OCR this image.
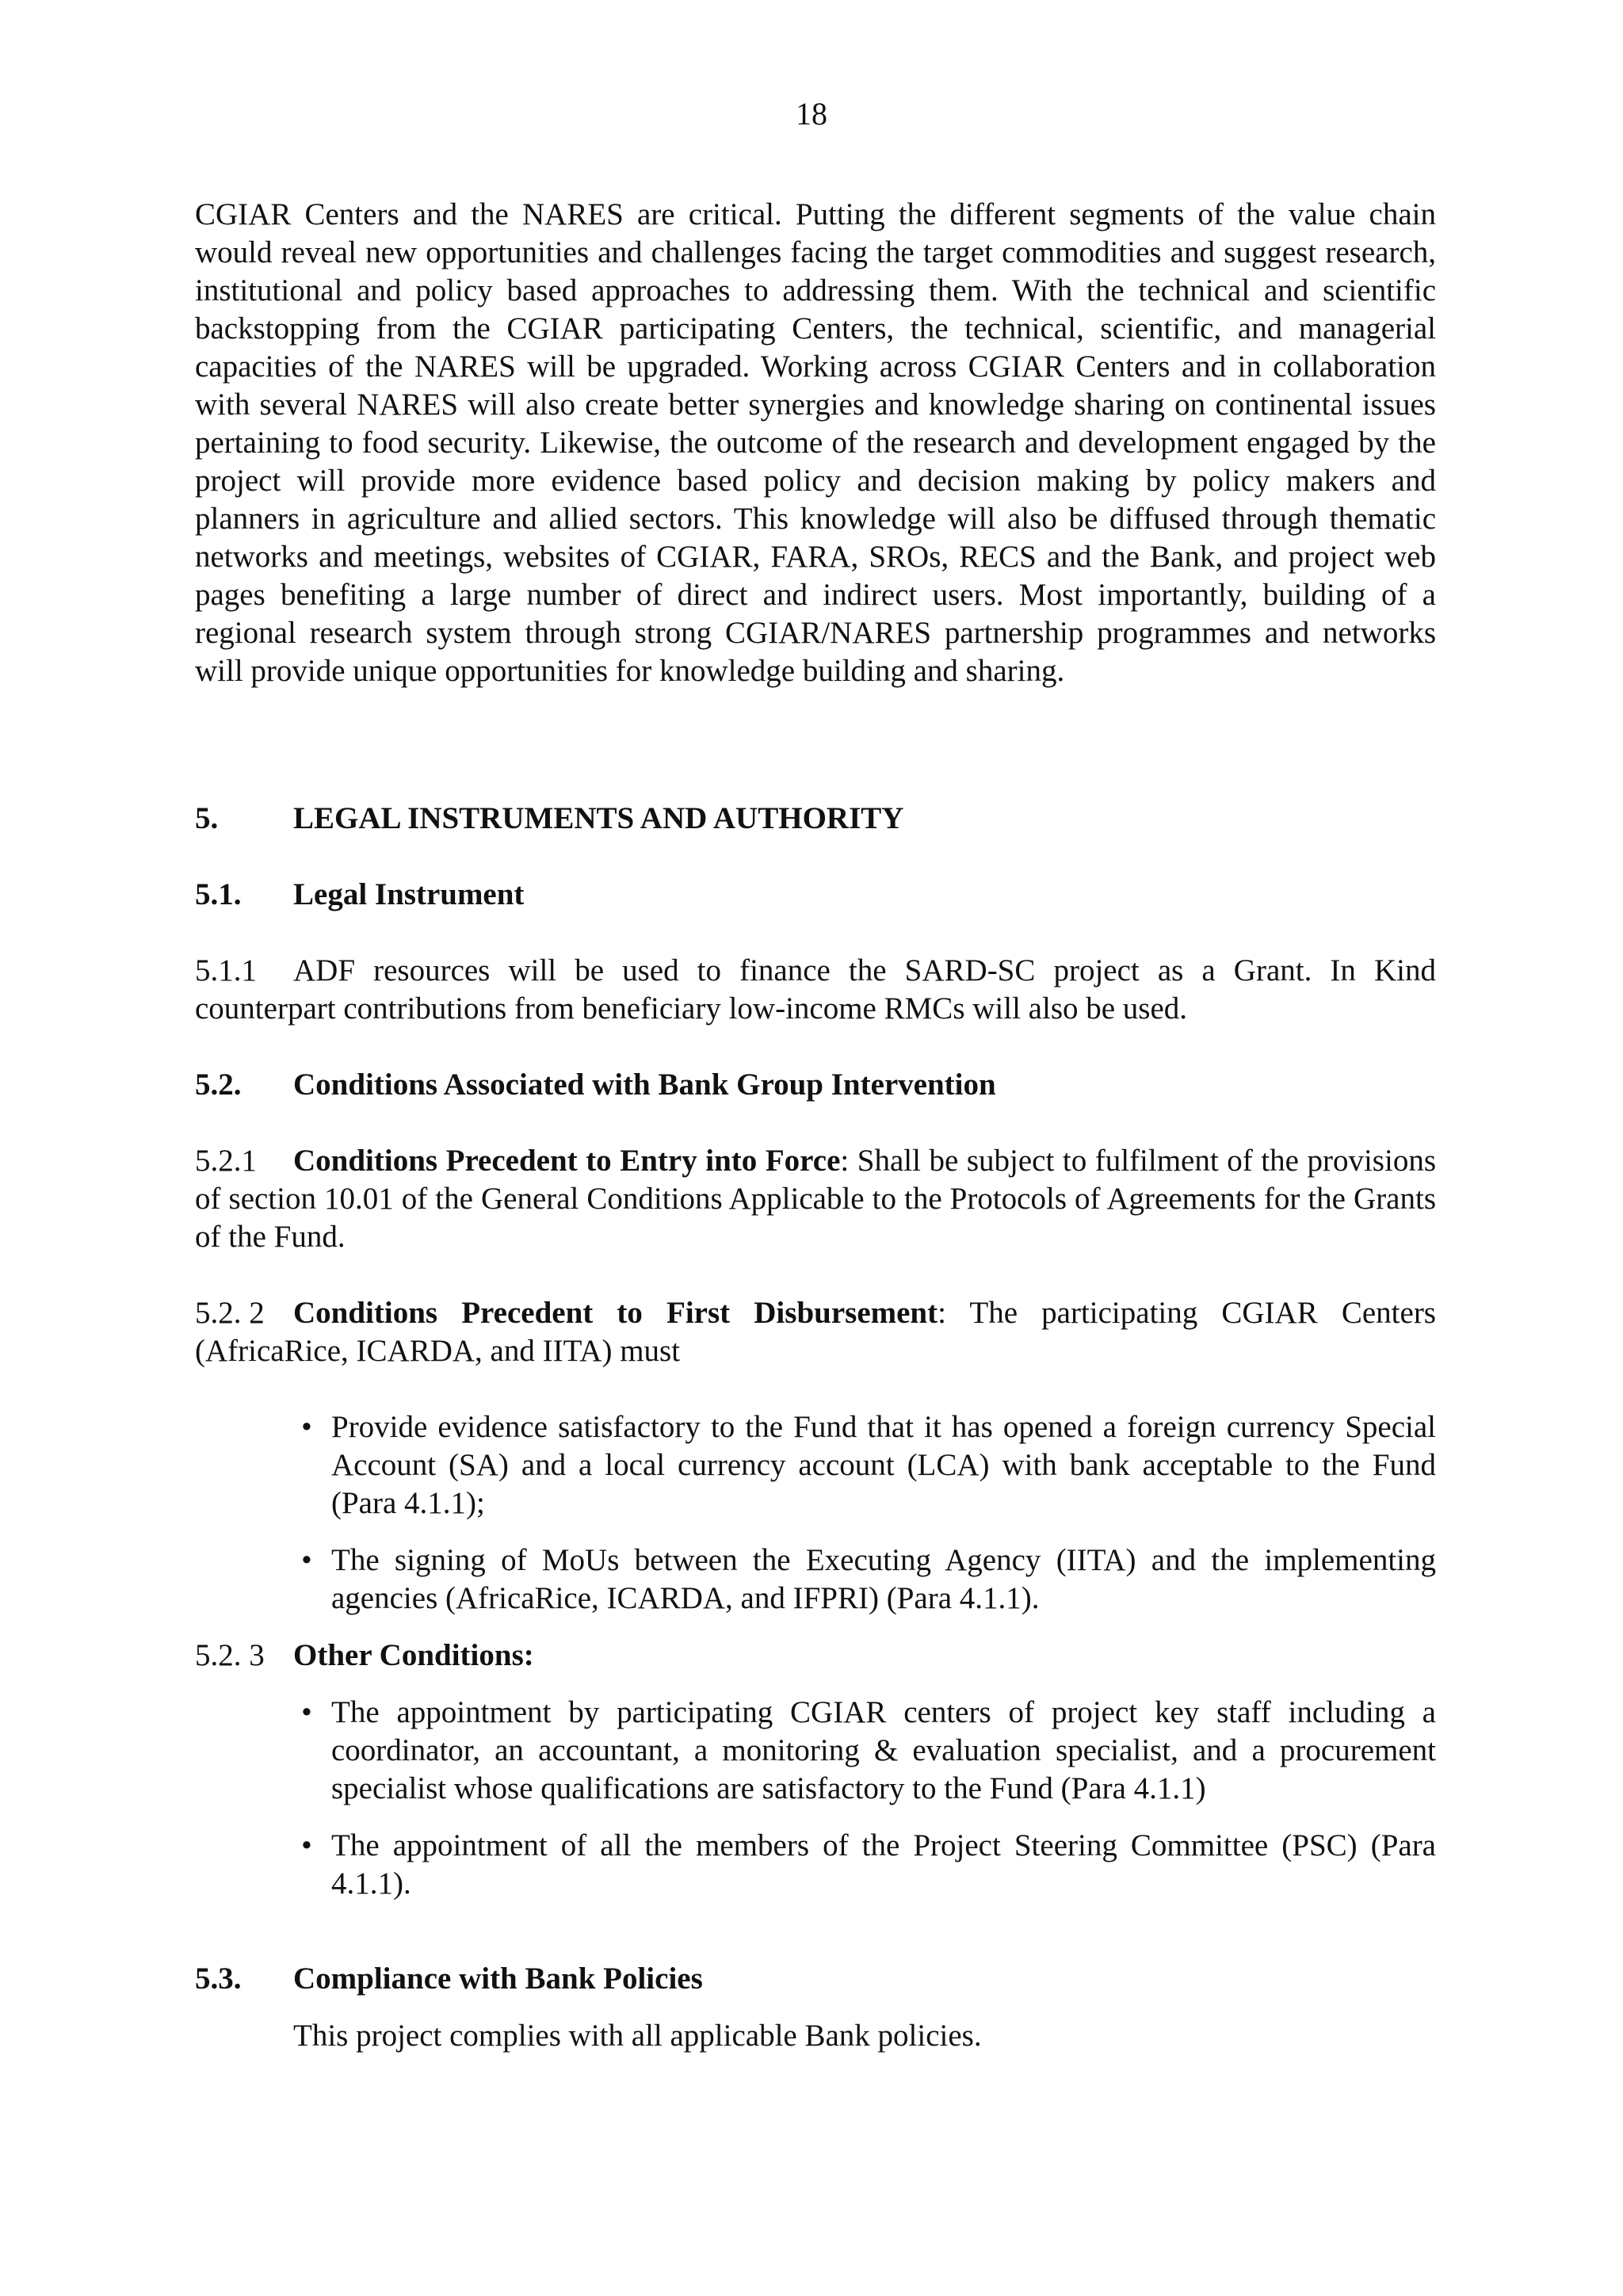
18

CGIAR Centers and the NARES are critical. Putting the different segments of the value chain would reveal new opportunities and challenges facing the target commodities and suggest research, institutional and policy based approaches to addressing them. With the technical and scientific backstopping from the CGIAR participating Centers, the technical, scientific, and managerial capacities of the NARES will be upgraded. Working across CGIAR Centers and in collaboration with several NARES will also create better synergies and knowledge sharing on continental issues pertaining to food security. Likewise, the outcome of the research and development engaged by the project will provide more evidence based policy and decision making by policy makers and planners in agriculture and allied sectors. This knowledge will also be diffused through thematic networks and meetings, websites of CGIAR, FARA, SROs, RECS and the Bank, and project web pages benefiting a large number of direct and indirect users. Most importantly, building of a regional research system through strong CGIAR/NARES partnership programmes and networks will provide unique opportunities for knowledge building and sharing.

5. LEGAL INSTRUMENTS AND AUTHORITY
5.1. Legal Instrument

5.1.1 ADF resources will be used to finance the SARD-SC project as a Grant. In Kind counterpart contributions from beneficiary low-income RMCs will also be used.

5.2. Conditions Associated with Bank Group Intervention

5.2.1 Conditions Precedent to Entry into Force: Shall be subject to fulfilment of the provisions of section 10.01 of the General Conditions Applicable to the Protocols of Agreements for the Grants of the Fund.

5.2. 2 Conditions Precedent to First Disbursement: The participating CGIAR Centers (AfricaRice, ICARDA, and IITA) must

• Provide evidence satisfactory to the Fund that it has opened a foreign currency Special Account (SA) and a local currency account (LCA) with bank acceptable to the Fund (Para 4.1.1);
• The signing of MoUs between the Executing Agency (IITA) and the implementing agencies (AfricaRice, ICARDA, and IFPRI) (Para 4.1.1).

5.2. 3 Other Conditions:

• The appointment by participating CGIAR centers of project key staff including a coordinator, an accountant, a monitoring & evaluation specialist, and a procurement specialist whose qualifications are satisfactory to the Fund (Para 4.1.1)
• The appointment of all the members of the Project Steering Committee (PSC) (Para 4.1.1).
5.3. Compliance with Bank Policies

This project complies with all applicable Bank policies.
